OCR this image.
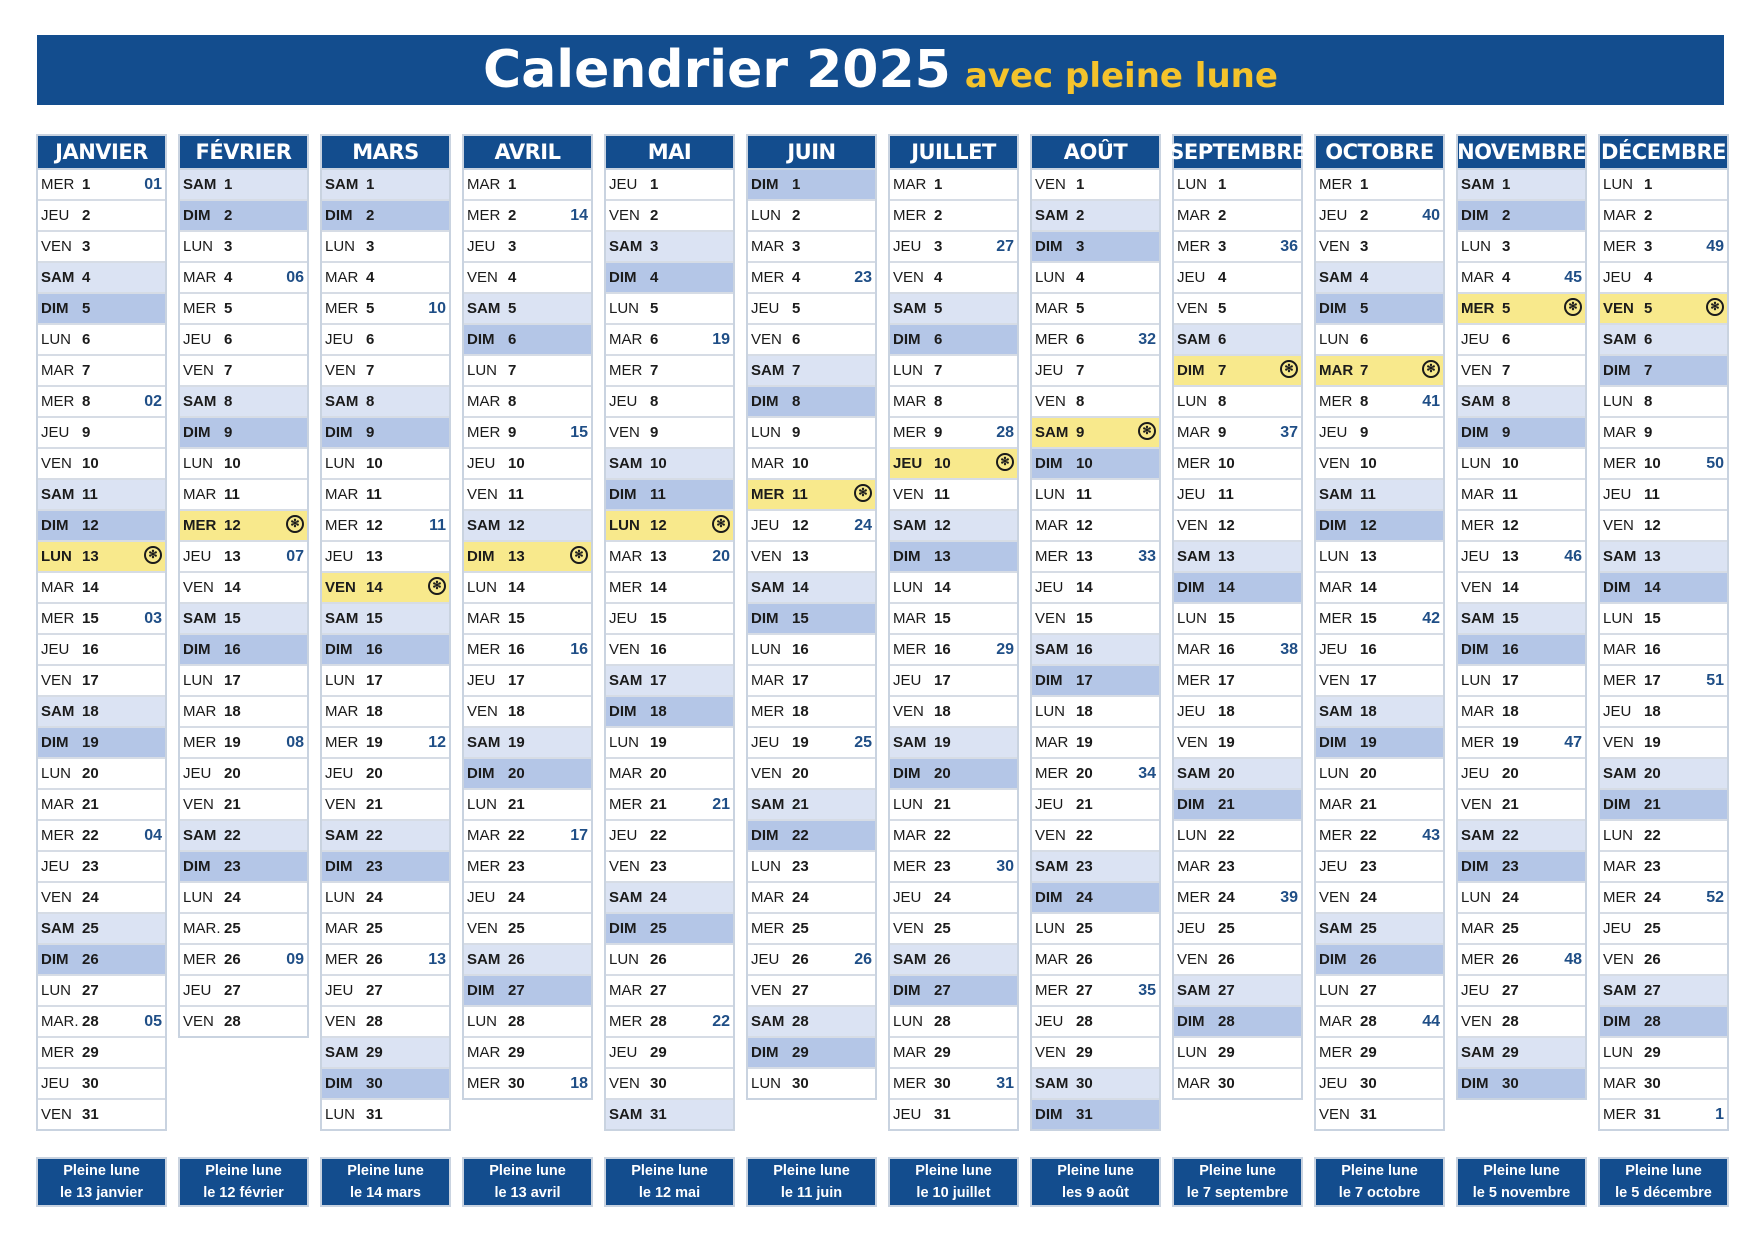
Calendrier 2025 avec pleine lune
JANVIER
MER 1	01
JEU 2
VEN 3
SAM 4
DIM 5
LUN 6
MAR 7
MER 8	02
JEU 9
VEN 10
SAM 11
DIM 12
LUN 13	✻
MAR 14
MER 15	03
JEU 16
VEN 17
SAM 18
DIM 19
LUN 20
MAR 21
MER 22	04
JEU 23
VEN 24
SAM 25
DIM 26
LUN 27
MAR. 28	05
MER 29
JEU 30
VEN 31
FÉVRIER
SAM 1
DIM 2
LUN 3
MAR 4	06
MER 5
JEU 6
VEN 7
SAM 8
DIM 9
LUN 10
MAR 11
MER 12	✻
JEU 13	07
VEN 14
SAM 15
DIM 16
LUN 17
MAR 18
MER 19	08
JEU 20
VEN 21
SAM 22
DIM 23
LUN 24
MAR. 25
MER 26	09
JEU 27
VEN 28
MARS
SAM 1
DIM 2
LUN 3
MAR 4
MER 5	10
JEU 6
VEN 7
SAM 8
DIM 9
LUN 10
MAR 11
MER 12	11
JEU 13
VEN 14	✻
SAM 15
DIM 16
LUN 17
MAR 18
MER 19	12
JEU 20
VEN 21
SAM 22
DIM 23
LUN 24
MAR 25
MER 26	13
JEU 27
VEN 28
SAM 29
DIM 30
LUN 31
AVRIL
MAR 1
MER 2	14
JEU 3
VEN 4
SAM 5
DIM 6
LUN 7
MAR 8
MER 9	15
JEU 10
VEN 11
SAM 12
DIM 13	✻
LUN 14
MAR 15
MER 16	16
JEU 17
VEN 18
SAM 19
DIM 20
LUN 21
MAR 22	17
MER 23
JEU 24
VEN 25
SAM 26
DIM 27
LUN 28
MAR 29
MER 30	18
MAI
JEU 1
VEN 2
SAM 3
DIM 4
LUN 5
MAR 6	19
MER 7
JEU 8
VEN 9
SAM 10
DIM 11
LUN 12	✻
MAR 13	20
MER 14
JEU 15
VEN 16
SAM 17
DIM 18
LUN 19
MAR 20
MER 21	21
JEU 22
VEN 23
SAM 24
DIM 25
LUN 26
MAR 27
MER 28	22
JEU 29
VEN 30
SAM 31
JUIN
DIM 1
LUN 2
MAR 3
MER 4	23
JEU 5
VEN 6
SAM 7
DIM 8
LUN 9
MAR 10
MER 11	✻
JEU 12	24
VEN 13
SAM 14
DIM 15
LUN 16
MAR 17
MER 18
JEU 19	25
VEN 20
SAM 21
DIM 22
LUN 23
MAR 24
MER 25
JEU 26	26
VEN 27
SAM 28
DIM 29
LUN 30
JUILLET
MAR 1
MER 2
JEU 3	27
VEN 4
SAM 5
DIM 6
LUN 7
MAR 8
MER 9	28
JEU 10	✻
VEN 11
SAM 12
DIM 13
LUN 14
MAR 15
MER 16	29
JEU 17
VEN 18
SAM 19
DIM 20
LUN 21
MAR 22
MER 23	30
JEU 24
VEN 25
SAM 26
DIM 27
LUN 28
MAR 29
MER 30	31
JEU 31
AOÛT
VEN 1
SAM 2
DIM 3
LUN 4
MAR 5
MER 6	32
JEU 7
VEN 8
SAM 9	✻
DIM 10
LUN 11
MAR 12
MER 13	33
JEU 14
VEN 15
SAM 16
DIM 17
LUN 18
MAR 19
MER 20	34
JEU 21
VEN 22
SAM 23
DIM 24
LUN 25
MAR 26
MER 27	35
JEU 28
VEN 29
SAM 30
DIM 31
SEPTEMBRE
LUN 1
MAR 2
MER 3	36
JEU 4
VEN 5
SAM 6
DIM 7	✻
LUN 8
MAR 9	37
MER 10
JEU 11
VEN 12
SAM 13
DIM 14
LUN 15
MAR 16	38
MER 17
JEU 18
VEN 19
SAM 20
DIM 21
LUN 22
MAR 23
MER 24	39
JEU 25
VEN 26
SAM 27
DIM 28
LUN 29
MAR 30
OCTOBRE
MER 1
JEU 2	40
VEN 3
SAM 4
DIM 5
LUN 6
MAR 7	✻
MER 8	41
JEU 9
VEN 10
SAM 11
DIM 12
LUN 13
MAR 14
MER 15	42
JEU 16
VEN 17
SAM 18
DIM 19
LUN 20
MAR 21
MER 22	43
JEU 23
VEN 24
SAM 25
DIM 26
LUN 27
MAR 28	44
MER 29
JEU 30
VEN 31
NOVEMBRE
SAM 1
DIM 2
LUN 3
MAR 4	45
MER 5	✻
JEU 6
VEN 7
SAM 8
DIM 9
LUN 10
MAR 11
MER 12
JEU 13	46
VEN 14
SAM 15
DIM 16
LUN 17
MAR 18
MER 19	47
JEU 20
VEN 21
SAM 22
DIM 23
LUN 24
MAR 25
MER 26	48
JEU 27
VEN 28
SAM 29
DIM 30
DÉCEMBRE
LUN 1
MAR 2
MER 3	49
JEU 4
VEN 5	✻
SAM 6
DIM 7
LUN 8
MAR 9
MER 10	50
JEU 11
VEN 12
SAM 13
DIM 14
LUN 15
MAR 16
MER 17	51
JEU 18
VEN 19
SAM 20
DIM 21
LUN 22
MAR 23
MER 24	52
JEU 25
VEN 26
SAM 27
DIM 28
LUN 29
MAR 30
MER 31	1
Pleine lune
le 13 janvier
Pleine lune
le 12 février
Pleine lune
le 14 mars
Pleine lune
le 13 avril
Pleine lune
le 12 mai
Pleine lune
le 11 juin
Pleine lune
le 10 juillet
Pleine lune
les 9 août
Pleine lune
le 7 septembre
Pleine lune
le 7 octobre
Pleine lune
le 5 novembre
Pleine lune
le 5 décembre
